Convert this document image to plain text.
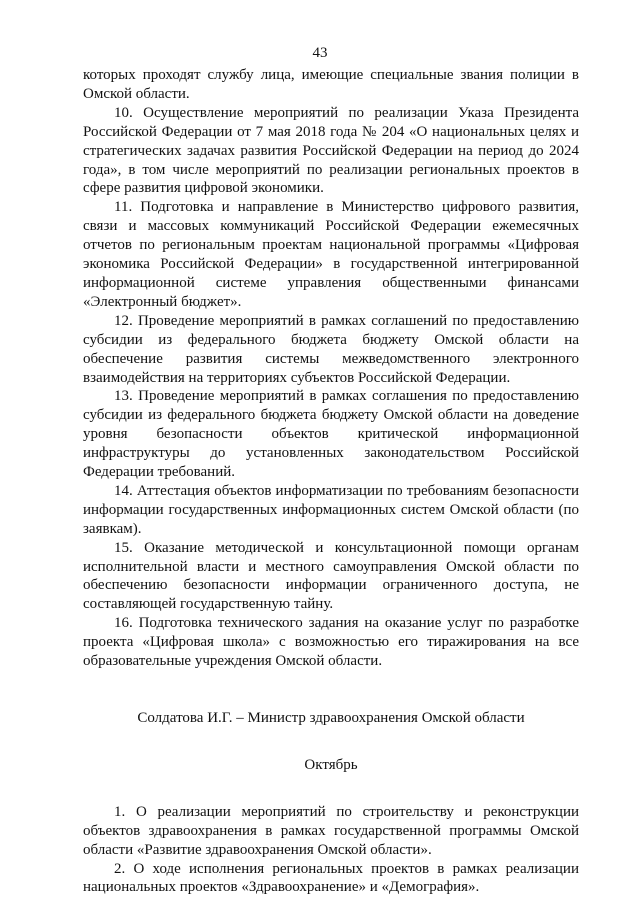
43

которых проходят службу лица, имеющие специальные звания полиции в Омской области.

10. Осуществление мероприятий по реализации Указа Президента Российской Федерации от 7 мая 2018 года № 204 «О национальных целях и стратегических задачах развития Российской Федерации на период до 2024 года», в том числе мероприятий по реализации региональных проектов в сфере развития цифровой экономики.

11. Подготовка и направление в Министерство цифрового развития, связи и массовых коммуникаций Российской Федерации ежемесячных отчетов по региональным проектам национальной программы «Цифровая экономика Российской Федерации» в государственной интегрированной информационной системе управления общественными финансами «Электронный бюджет».

12. Проведение мероприятий в рамках соглашений по предоставлению субсидии из федерального бюджета бюджету Омской области на обеспечение развития системы межведомственного электронного взаимодействия на территориях субъектов Российской Федерации.

13. Проведение мероприятий в рамках соглашения по предоставлению субсидии из федерального бюджета бюджету Омской области на доведение уровня безопасности объектов критической информационной инфраструктуры до установленных законодательством Российской Федерации требований.

14. Аттестация объектов информатизации по требованиям безопасности информации государственных информационных систем Омской области (по заявкам).

15. Оказание методической и консультационной помощи органам исполнительной власти и местного самоуправления Омской области по обеспечению безопасности информации ограниченного доступа, не составляющей государственную тайну.

16. Подготовка технического задания на оказание услуг по разработке проекта «Цифровая школа» с возможностью его тиражирования на все образовательные учреждения Омской области.

Солдатова И.Г. – Министр здравоохранения Омской области

Октябрь

1. О реализации мероприятий по строительству и реконструкции объектов здравоохранения в рамках государственной программы Омской области «Развитие здравоохранения Омской области».

2. О ходе исполнения региональных проектов в рамках реализации национальных проектов «Здравоохранение» и «Демография».
